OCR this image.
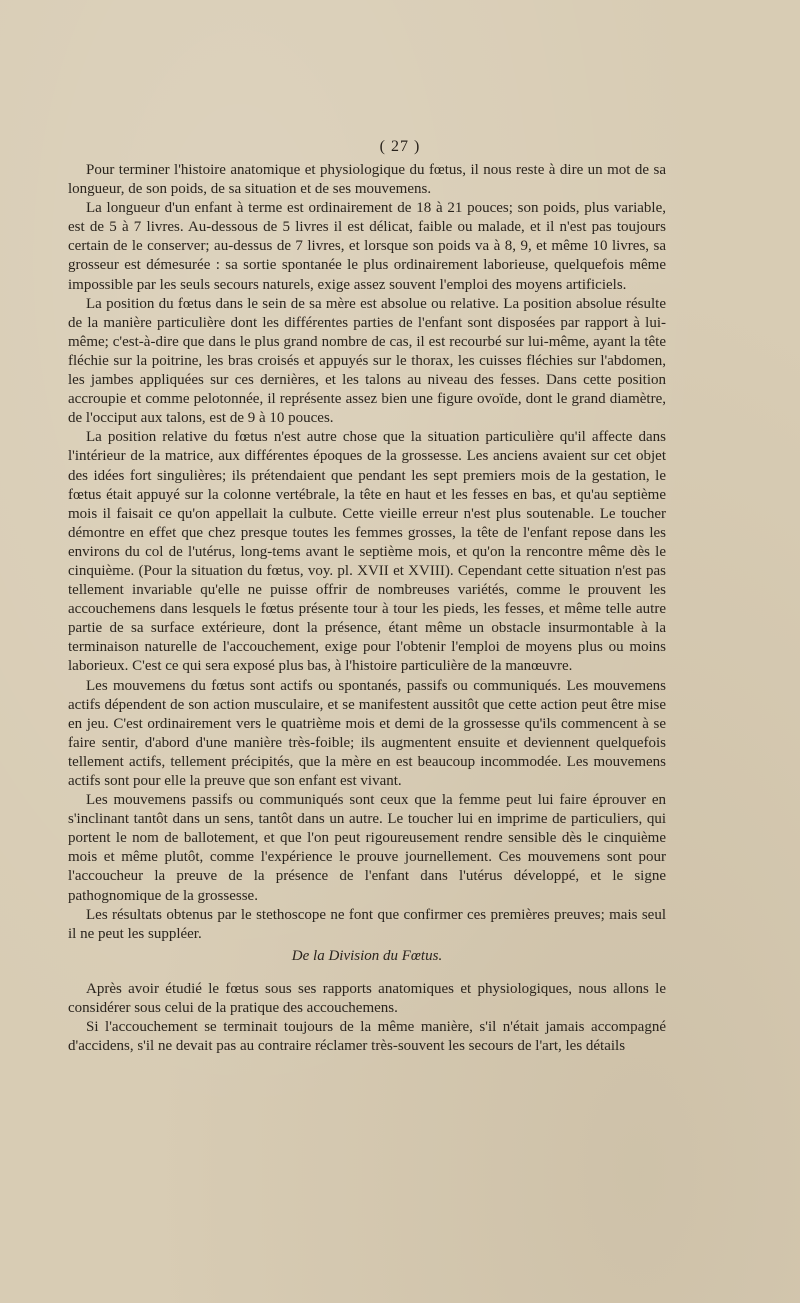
( 27 )

Pour terminer l'histoire anatomique et physiologique du fœtus, il nous reste à dire un mot de sa longueur, de son poids, de sa situation et de ses mouvemens.

La longueur d'un enfant à terme est ordinairement de 18 à 21 pouces; son poids, plus variable, est de 5 à 7 livres. Au-dessous de 5 livres il est délicat, faible ou malade, et il n'est pas toujours certain de le conserver; au-dessus de 7 livres, et lorsque son poids va à 8, 9, et même 10 livres, sa grosseur est démesurée : sa sortie spontanée le plus ordinairement laborieuse, quelquefois même impossible par les seuls secours naturels, exige assez souvent l'emploi des moyens artificiels.

La position du fœtus dans le sein de sa mère est absolue ou relative. La position absolue résulte de la manière particulière dont les différentes parties de l'enfant sont disposées par rapport à lui-même; c'est-à-dire que dans le plus grand nombre de cas, il est recourbé sur lui-même, ayant la tête fléchie sur la poitrine, les bras croisés et appuyés sur le thorax, les cuisses fléchies sur l'abdomen, les jambes appliquées sur ces dernières, et les talons au niveau des fesses. Dans cette position accroupie et comme pelotonnée, il représente assez bien une figure ovoïde, dont le grand diamètre, de l'occiput aux talons, est de 9 à 10 pouces.

La position relative du fœtus n'est autre chose que la situation particulière qu'il affecte dans l'intérieur de la matrice, aux différentes époques de la grossesse. Les anciens avaient sur cet objet des idées fort singulières; ils prétendaient que pendant les sept premiers mois de la gestation, le fœtus était appuyé sur la colonne vertébrale, la tête en haut et les fesses en bas, et qu'au septième mois il faisait ce qu'on appellait la culbute. Cette vieille erreur n'est plus soutenable. Le toucher démontre en effet que chez presque toutes les femmes grosses, la tête de l'enfant repose dans les environs du col de l'utérus, long-tems avant le septième mois, et qu'on la rencontre même dès le cinquième. (Pour la situation du fœtus, voy. pl. XVII et XVIII). Cependant cette situation n'est pas tellement invariable qu'elle ne puisse offrir de nombreuses variétés, comme le prouvent les accouchemens dans lesquels le fœtus présente tour à tour les pieds, les fesses, et même telle autre partie de sa surface extérieure, dont la présence, étant même un obstacle insurmontable à la terminaison naturelle de l'accouchement, exige pour l'obtenir l'emploi de moyens plus ou moins laborieux. C'est ce qui sera exposé plus bas, à l'histoire particulière de la manœuvre.

Les mouvemens du fœtus sont actifs ou spontanés, passifs ou communiqués. Les mouvemens actifs dépendent de son action musculaire, et se manifestent aussitôt que cette action peut être mise en jeu. C'est ordinairement vers le quatrième mois et demi de la grossesse qu'ils commencent à se faire sentir, d'abord d'une manière très-foible; ils augmentent ensuite et deviennent quelquefois tellement actifs, tellement précipités, que la mère en est beaucoup incommodée. Les mouvemens actifs sont pour elle la preuve que son enfant est vivant.

Les mouvemens passifs ou communiqués sont ceux que la femme peut lui faire éprouver en s'inclinant tantôt dans un sens, tantôt dans un autre. Le toucher lui en imprime de particuliers, qui portent le nom de ballotement, et que l'on peut rigoureusement rendre sensible dès le cinquième mois et même plutôt, comme l'expérience le prouve journellement. Ces mouvemens sont pour l'accoucheur la preuve de la présence de l'enfant dans l'utérus développé, et le signe pathognomique de la grossesse.

Les résultats obtenus par le stethoscope ne font que confirmer ces premières preuves; mais seul il ne peut les suppléer.

De la Division du Fœtus.

Après avoir étudié le fœtus sous ses rapports anatomiques et physiologiques, nous allons le considérer sous celui de la pratique des accouchemens.

Si l'accouchement se terminait toujours de la même manière, s'il n'était jamais accompagné d'accidens, s'il ne devait pas au contraire réclamer très-souvent les secours de l'art, les détails
